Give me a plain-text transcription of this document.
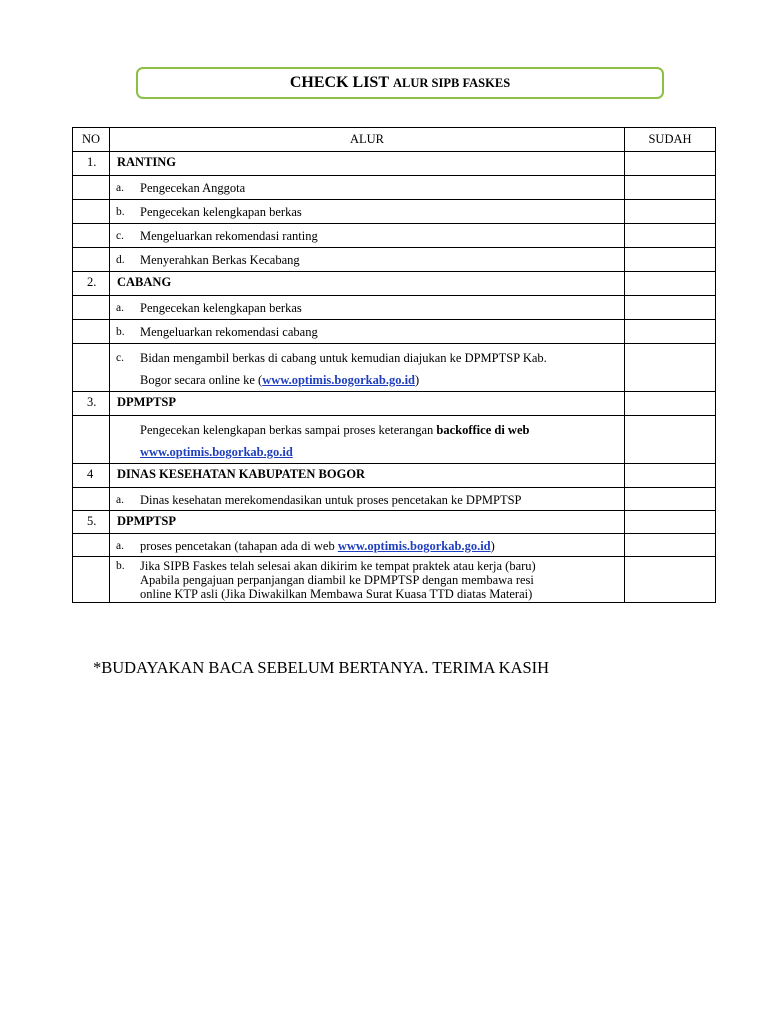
CHECK LIST ALUR SIPB FASKES
NO	ALUR	SUDAH
1.	RANTING	

	a. Pengecekan Anggota	

	b. Pengecekan kelengkapan berkas	

	c. Mengeluarkan rekomendasi ranting	

	d. Menyerahkan Berkas Kecabang	

2.	CABANG	

	a. Pengecekan kelengkapan berkas	

	b. Mengeluarkan rekomendasi cabang	

	c. Bidan mengambil berkas di cabang untuk kemudian diajukan ke DPMPTSP Kab.
Bogor secara online ke (www.optimis.bogorkab.go.id)	

3.	DPMPTSP	

	Pengecekan kelengkapan berkas sampai proses keterangan backoffice di web
www.optimis.bogorkab.go.id	

4	DINAS KESEHATAN KABUPATEN BOGOR	

	a. Dinas kesehatan merekomendasikan untuk proses pencetakan ke DPMPTSP	

5.	DPMPTSP	

	a. proses pencetakan (tahapan ada di web www.optimis.bogorkab.go.id)	

	b. Jika SIPB Faskes telah selesai akan dikirim ke tempat praktek atau kerja (baru)
Apabila pengajuan perpanjangan diambil ke DPMPTSP dengan membawa resi
online KTP asli (Jika Diwakilkan Membawa Surat Kuasa TTD diatas Materai)	

*BUDAYAKAN BACA SEBELUM BERTANYA. TERIMA KASIH
